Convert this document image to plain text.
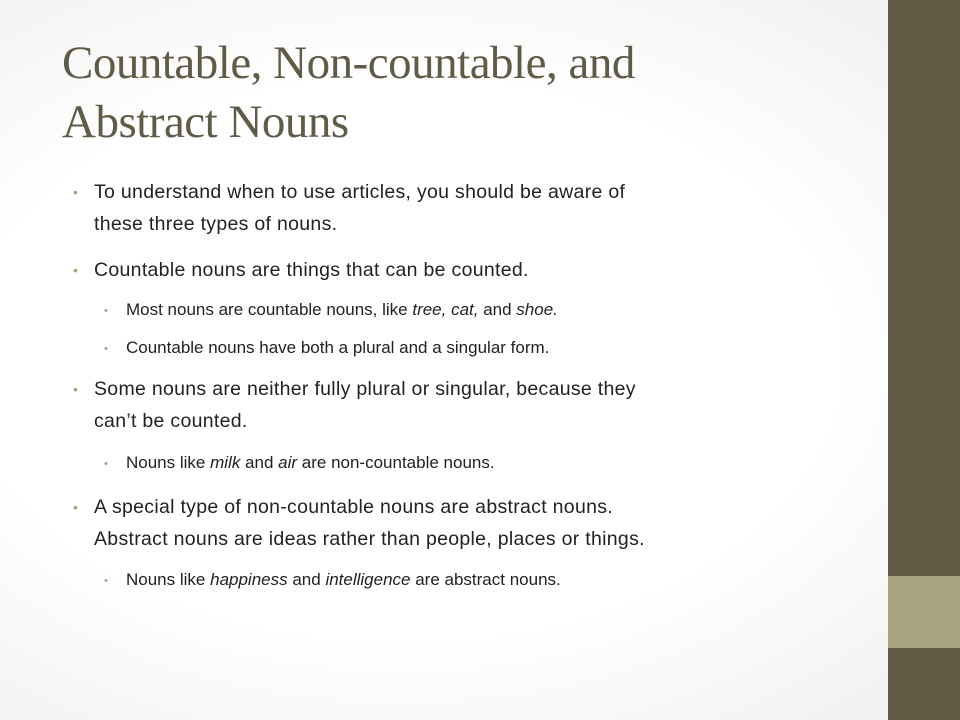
Countable, Non-countable, and
Abstract Nouns
• To understand when to use articles, you should be aware of
these three types of nouns.
• Countable nouns are things that can be counted.
• Most nouns are countable nouns, like tree, cat, and shoe.
• Countable nouns have both a plural and a singular form.
• Some nouns are neither fully plural or singular, because they
can’t be counted.
• Nouns like milk and air are non-countable nouns.
• A special type of non-countable nouns are abstract nouns.
Abstract nouns are ideas rather than people, places or things.
• Nouns like happiness and intelligence are abstract nouns.
